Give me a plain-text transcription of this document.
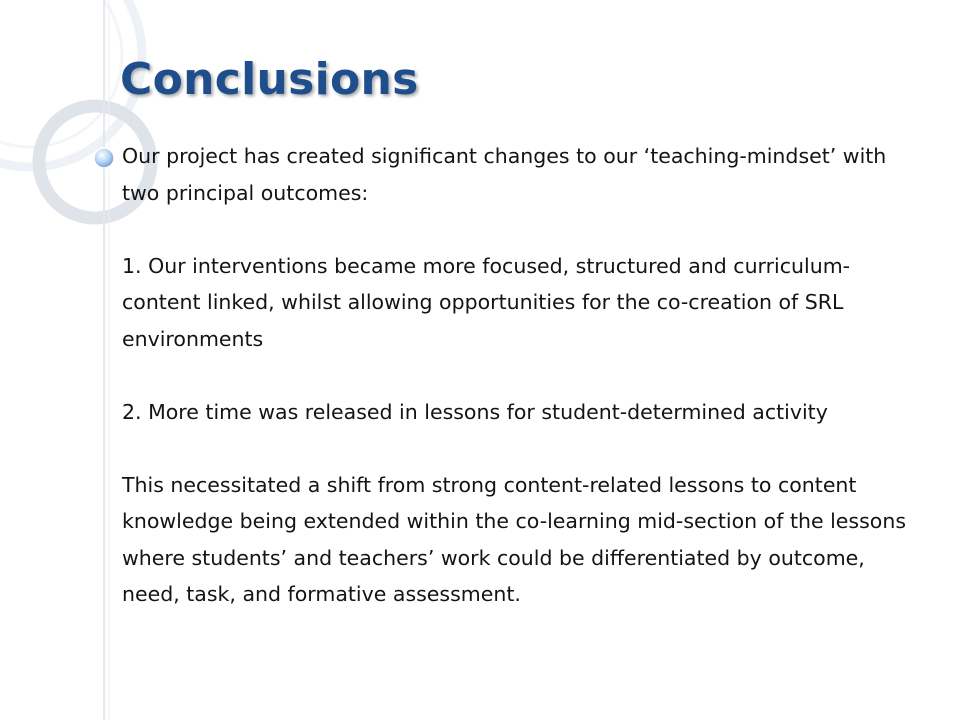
Conclusions

Our project has created significant changes to our ‘teaching-mindset’ with two principal outcomes:

1. Our interventions became more focused, structured and curriculum-content linked, whilst allowing opportunities for the co-creation of SRL environments

2. More time was released in lessons for student-determined activity

This necessitated a shift from strong content-related lessons to content knowledge being extended within the co-learning mid-section of the lessons where students’ and teachers’ work could be differentiated by outcome, need, task, and formative assessment.
